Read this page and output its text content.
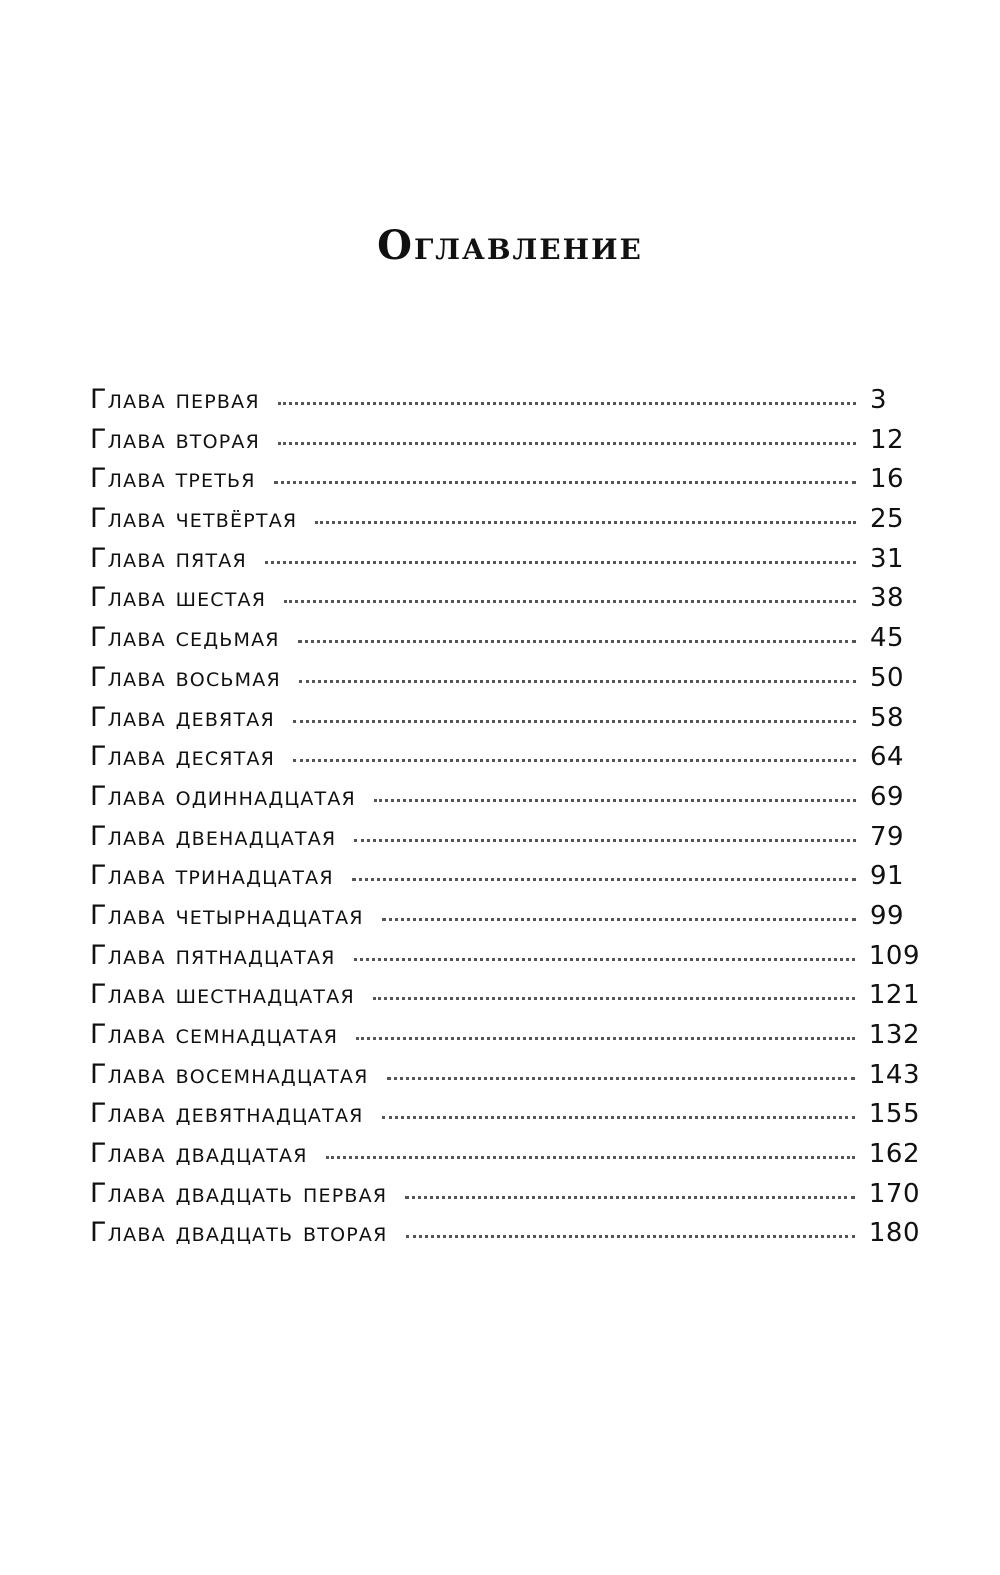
Оглавление
Глава первая	3
Глава вторая	12
Глава третья	16
Глава четвёртая	25
Глава пятая	31
Глава шестая	38
Глава седьмая	45
Глава восьмая	50
Глава девятая	58
Глава десятая	64
Глава одиннадцатая	69
Глава двенадцатая	79
Глава тринадцатая	91
Глава четырнадцатая	99
Глава пятнадцатая	109
Глава шестнадцатая	121
Глава семнадцатая	132
Глава восемнадцатая	143
Глава девятнадцатая	155
Глава двадцатая	162
Глава двадцать первая	170
Глава двадцать вторая	180
